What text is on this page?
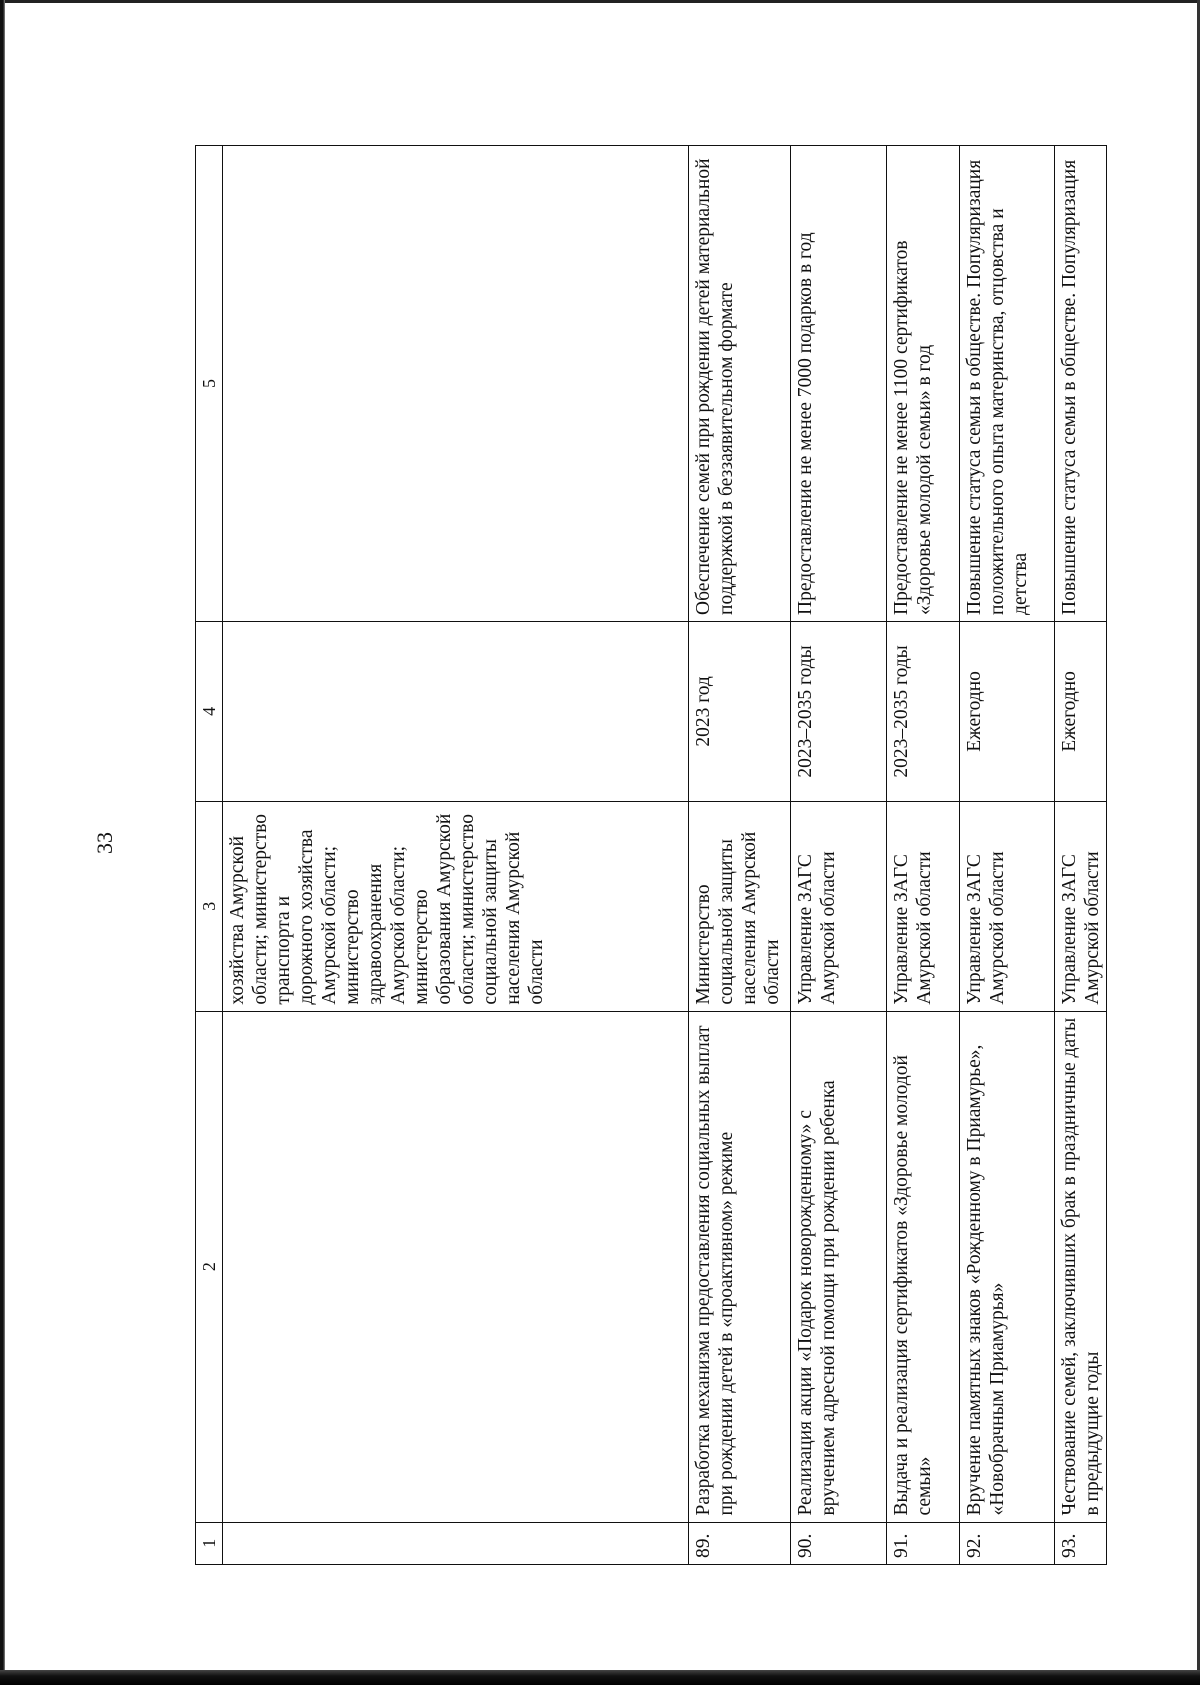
33
1	2	3	4	5
		хозяйства Амурской области; министерство транспорта и дорожного хозяйства Амурской области; министерство здравоохранения Амурской области; министерство образования Амурской области; министерство социальной защиты населения Амурской области		
89.	Разработка механизма предоставления социальных выплат при рождении детей в «проактивном» режиме	Министерство социальной защиты населения Амурской области	2023 год	Обеспечение семей при рождении детей материальной поддержкой в беззаявительном формате
90.	Реализация акции «Подарок новорожденному» с вручением адресной помощи при рождении ребенка	Управление ЗАГС Амурской области	2023–2035 годы	Предоставление не менее 7000 подарков в год
91.	Выдача и реализация сертификатов «Здоровье молодой семьи»	Управление ЗАГС Амурской области	2023–2035 годы	Предоставление не менее 1100 сертификатов «Здоровье молодой семьи» в год
92.	Вручение памятных знаков «Рожденному в Приамурье», «Новобрачным Приамурья»	Управление ЗАГС Амурской области	Ежегодно	Повышение статуса семьи в обществе. Популяризация положительного опыта материнства, отцовства и детства
93.	Чествование семей, заключивших брак в праздничные даты в предыдущие годы	Управление ЗАГС Амурской области	Ежегодно	Повышение статуса семьи в обществе. Популяризация
